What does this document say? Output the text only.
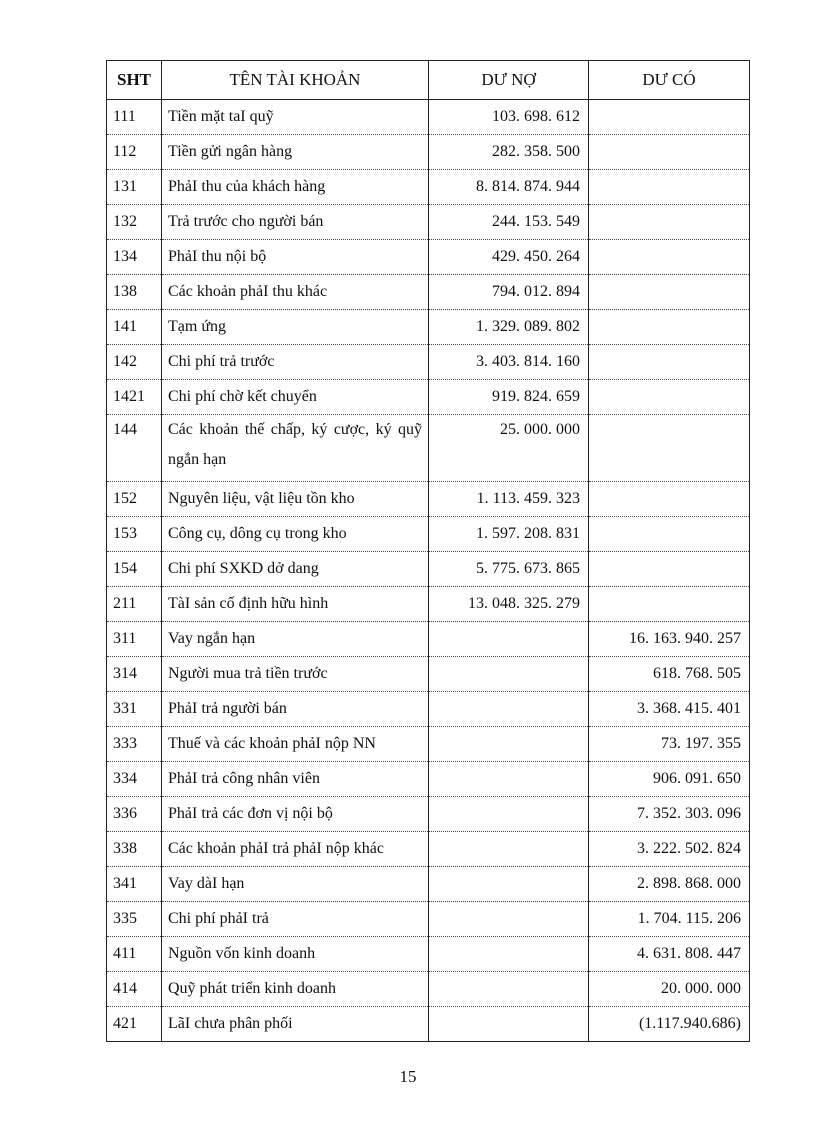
SHT	TÊN TÀI KHOẢN	DƯ NỢ	DƯ CÓ
111	Tiền mặt taI quỹ	103. 698. 612	
112	Tiền gửi ngân hàng	282. 358. 500	
131	PhảI thu của khách hàng	8. 814. 874. 944	
132	Trả trước cho người bán	244. 153. 549	
134	PhảI thu nội bộ	429. 450. 264	
138	Các khoản phảI thu khác	794. 012. 894	
141	Tạm ứng	1. 329. 089. 802	
142	Chi phí trả trước	3. 403. 814. 160	
1421	Chi phí chờ kết chuyển	919. 824. 659	
144	Các khoản thế chấp, ký cược, ký quỹ ngắn hạn	25. 000. 000	
152	Nguyên liệu, vật liệu tồn kho	1. 113. 459. 323	
153	Công cụ, dông cụ trong kho	1. 597. 208. 831	
154	Chi phí SXKD dở dang	5. 775. 673. 865	
211	TàI sản cố định hữu hình	13. 048. 325. 279	
311	Vay ngắn hạn		16. 163. 940. 257
314	Người mua trả tiền trước		618. 768. 505
331	PhảI trả người bán		3. 368. 415. 401
333	Thuế và các khoản phảI nộp NN		73. 197. 355
334	PhảI trả công nhân viên		906. 091. 650
336	PhảI trả các đơn vị nội bộ		7. 352. 303. 096
338	Các khoản phảI trả phảI nộp khác		3. 222. 502. 824
341	Vay dàI hạn		2. 898. 868. 000
335	Chi phí phảI trả		1. 704. 115. 206
411	Nguồn vốn kinh doanh		4. 631. 808. 447
414	Quỹ phát triển kinh doanh		20. 000. 000
421	LãI chưa phân phối		(1.117.940.686)
15
